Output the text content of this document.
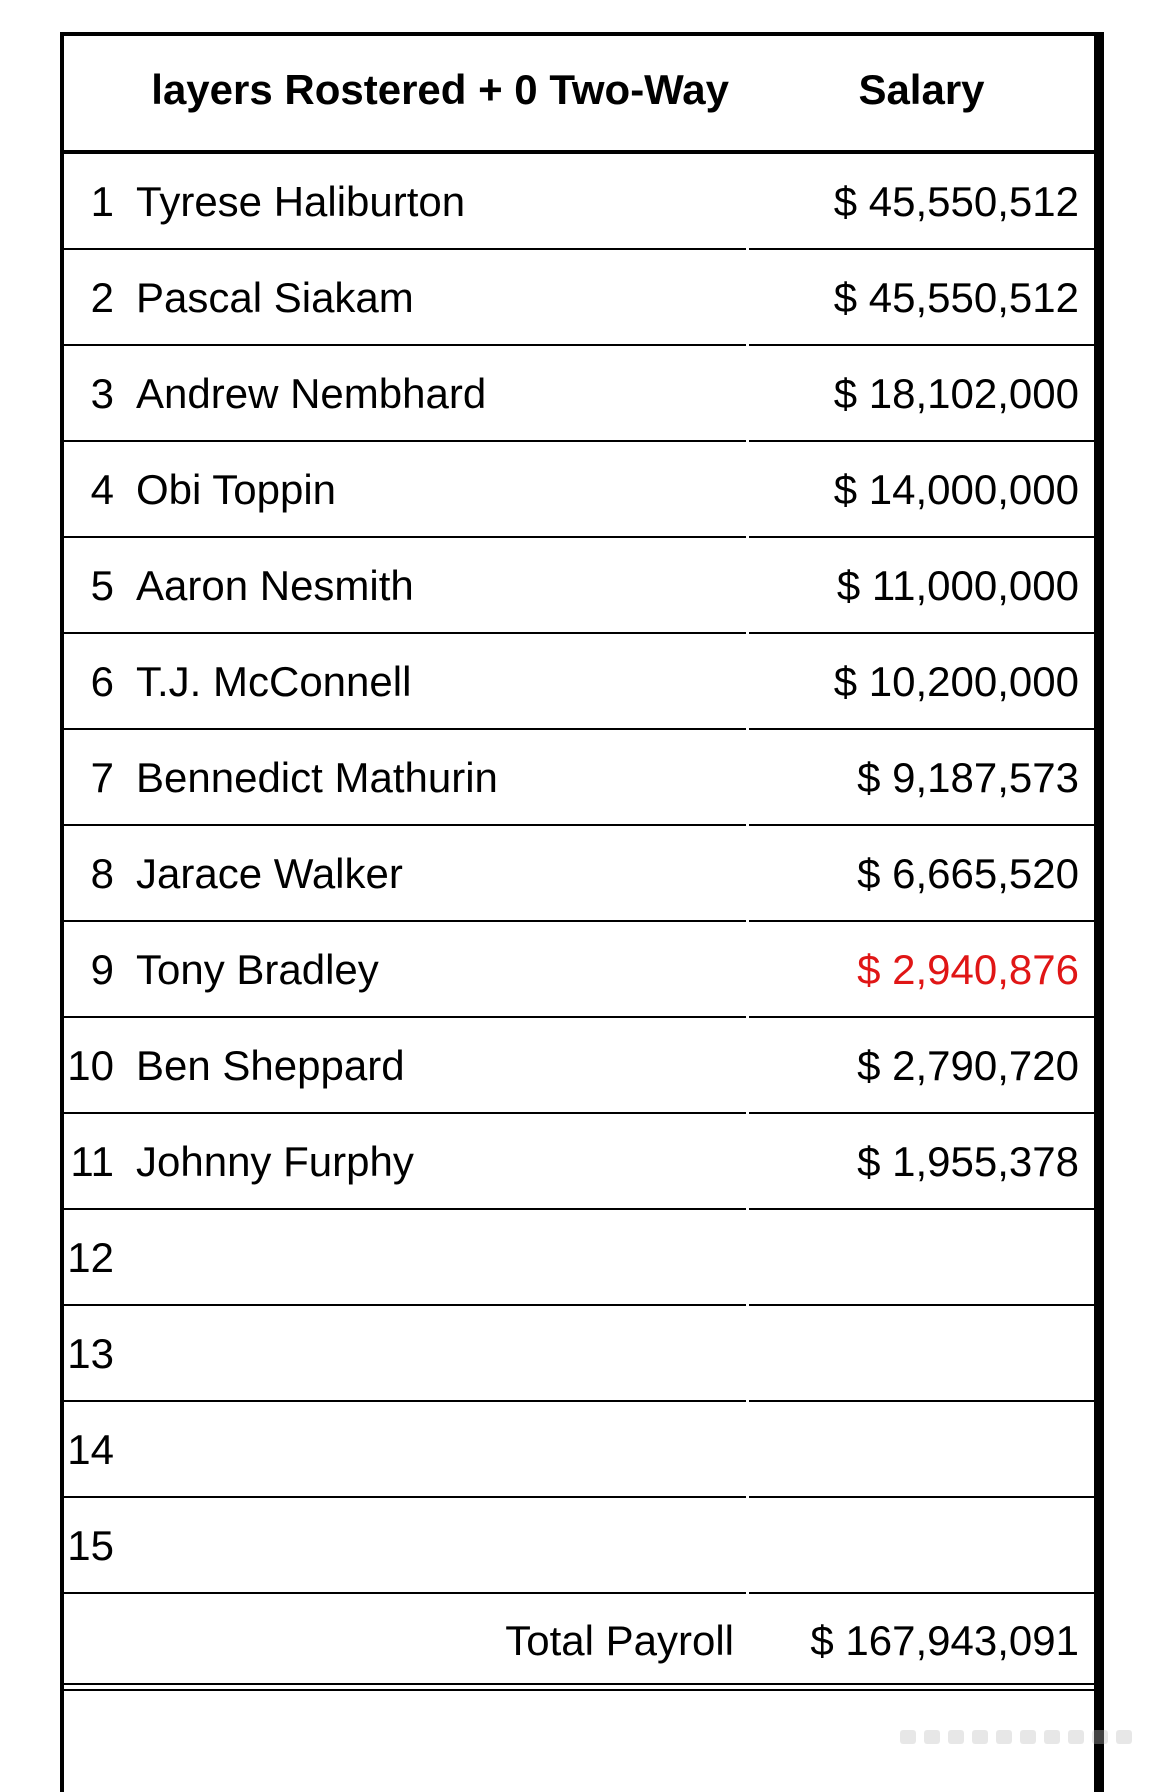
layers Rostered + 0 Two-Way	Salary
1 Tyrese Haliburton	$ 45,550,512
2 Pascal Siakam	$ 45,550,512
3 Andrew Nembhard	$ 18,102,000
4 Obi Toppin	$ 14,000,000
5 Aaron Nesmith	$ 11,000,000
6 T.J. McConnell	$ 10,200,000
7 Bennedict Mathurin	$ 9,187,573
8 Jarace Walker	$ 6,665,520
9 Tony Bradley	$ 2,940,876
10 Ben Sheppard	$ 2,790,720
11 Johnny Furphy	$ 1,955,378
12
13
14
15
Total Payroll	$ 167,943,091
